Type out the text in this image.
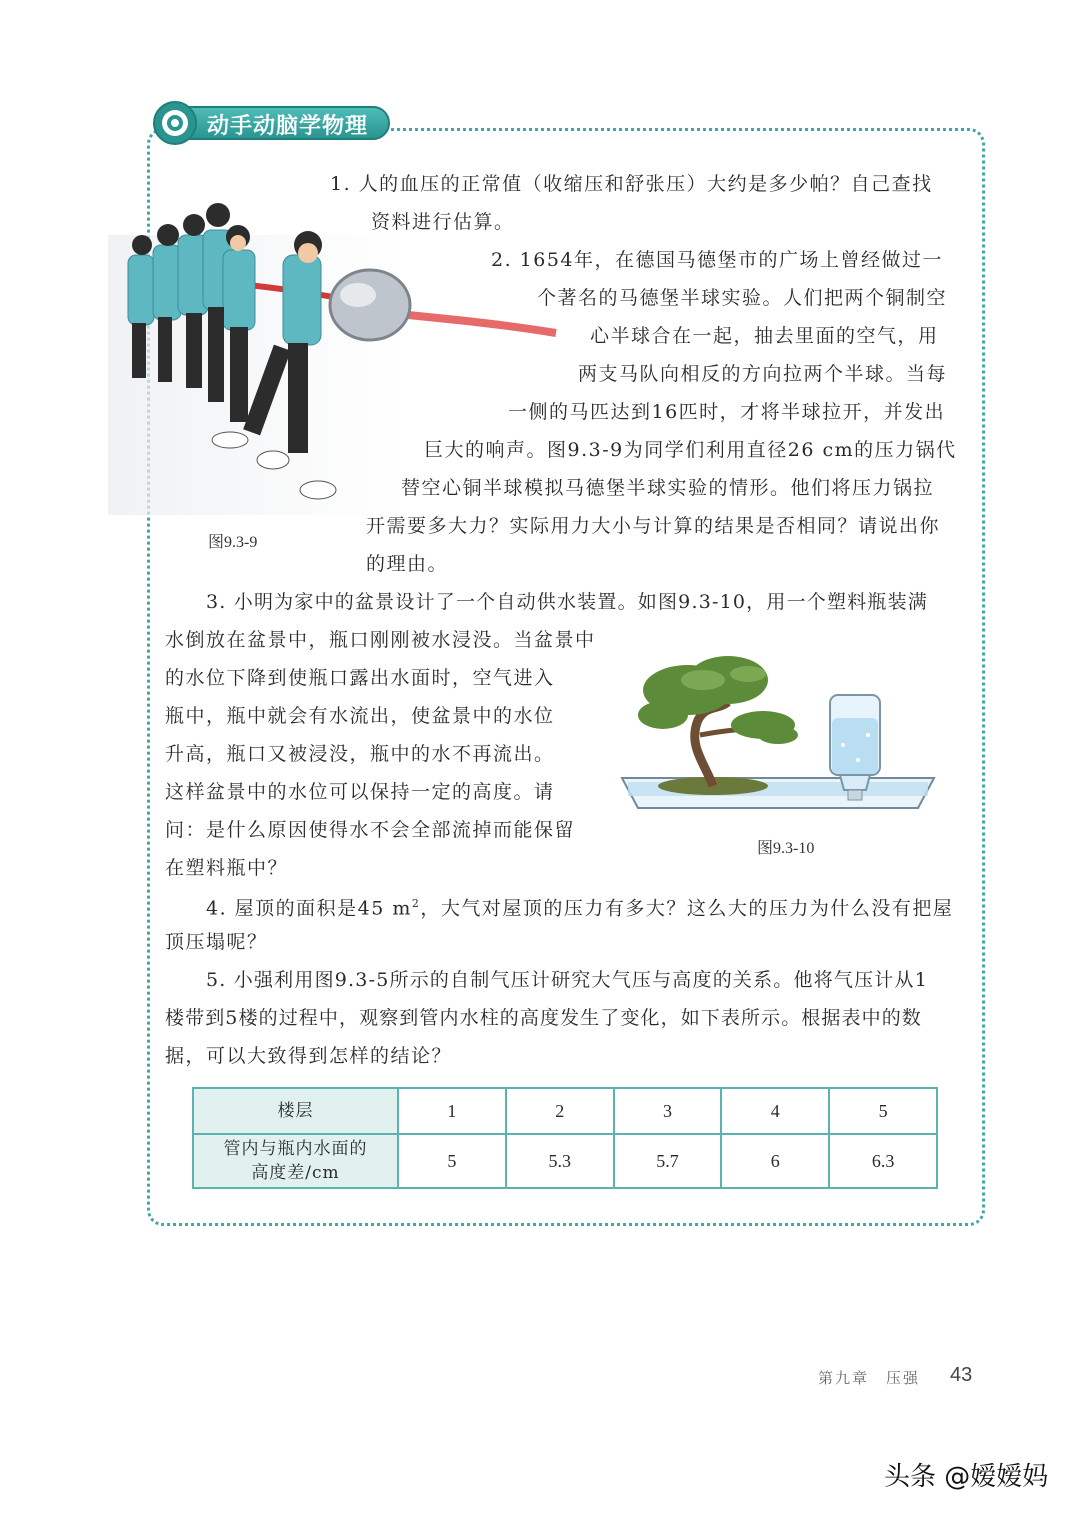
动手动脑学物理
图9.3-9

1. 人的血压的正常值（收缩压和舒张压）大约是多少帕？自己查找

资料进行估算。

2. 1654年，在德国马德堡市的广场上曾经做过一

个著名的马德堡半球实验。人们把两个铜制空

心半球合在一起，抽去里面的空气，用

两支马队向相反的方向拉两个半球。当每

一侧的马匹达到16匹时，才将半球拉开，并发出

巨大的响声。图9.3-9为同学们利用直径26 cm的压力锅代

替空心铜半球模拟马德堡半球实验的情形。他们将压力锅拉

开需要多大力？实际用力大小与计算的结果是否相同？请说出你

的理由。

3. 小明为家中的盆景设计了一个自动供水装置。如图9.3-10，用一个塑料瓶装满

水倒放在盆景中，瓶口刚刚被水浸没。当盆景中

的水位下降到使瓶口露出水面时，空气进入

瓶中，瓶中就会有水流出，使盆景中的水位

升高，瓶口又被浸没，瓶中的水不再流出。

这样盆景中的水位可以保持一定的高度。请

问：是什么原因使得水不会全部流掉而能保留

在塑料瓶中？

图9.3-10

4. 屋顶的面积是45 $m^2$，大气对屋顶的压力有多大？这么大的压力为什么没有把屋

顶压塌呢？

5. 小强利用图9.3-5所示的自制气压计研究大气压与高度的关系。他将气压计从1

楼带到5楼的过程中，观察到管内水柱的高度发生了变化，如下表所示。根据表中的数

据，可以大致得到怎样的结论？

楼层	1	2	3	4	5

管内与瓶内水面的
高度差/cm	5	5.3	5.7	6	6.3
第九章　压强 43
头条 @嫒嫒妈
